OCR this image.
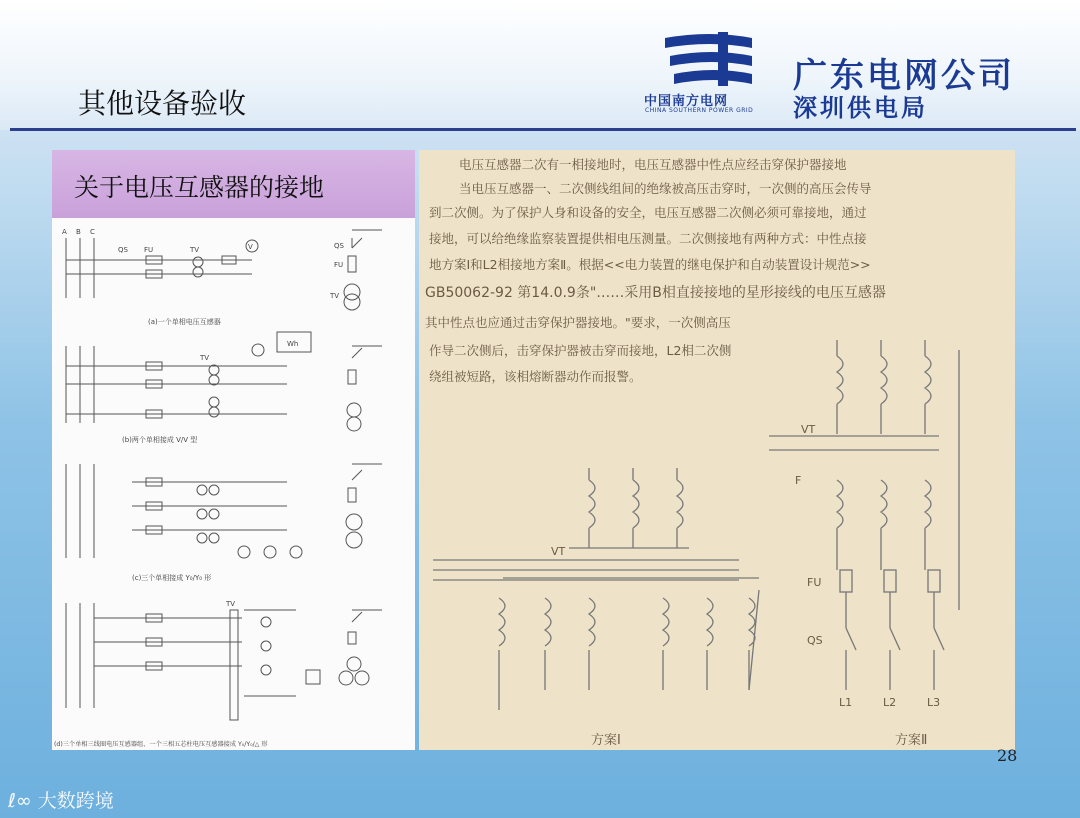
其他设备验收	中国南方电网
CHINA SOUTHERN POWER GRID
广东电网公司
深圳供电局
关于电压互感器的接地
A B C
QS FU	TV	V	QS
FU
TV
(a)一个单相电压互感器
Wh
TV
(b)两个单相接成 V/V 型
(c)三个单相接成 Y₀/Y₀ 形
TV
(d)三个单相三线圈电压互感器组、一个三相五芯柱电压互感器接成 Y₀/Y₀/△ 形
电压互感器二次有一相接地时，电压互感器中性点应经击穿保护器接地
当电压互感器一、二次侧线组间的绝缘被高压击穿时，一次侧的高压会传导
到二次侧。为了保护人身和设备的安全，电压互感器二次侧必须可靠接地，通过
接地，可以给绝缘监察装置提供相电压测量。二次侧接地有两种方式：中性点接
地方案Ⅰ和L2相接地方案Ⅱ。根据<<电力装置的继电保护和自动装置设计规范>>
GB50062-92 第14.0.9条"……采用B相直接接地的星形接线的电压互感器
其中性点也应通过击穿保护器接地。"要求，一次侧高压
作导二次侧后，击穿保护器被击穿而接地，L2相二次侧
绕组被短路，该相熔断器动作而报警。
VT
VT
F
FU
QS
L1	L2	L3
方案Ⅰ	方案Ⅱ
28
ℓ∞ 大数跨境
